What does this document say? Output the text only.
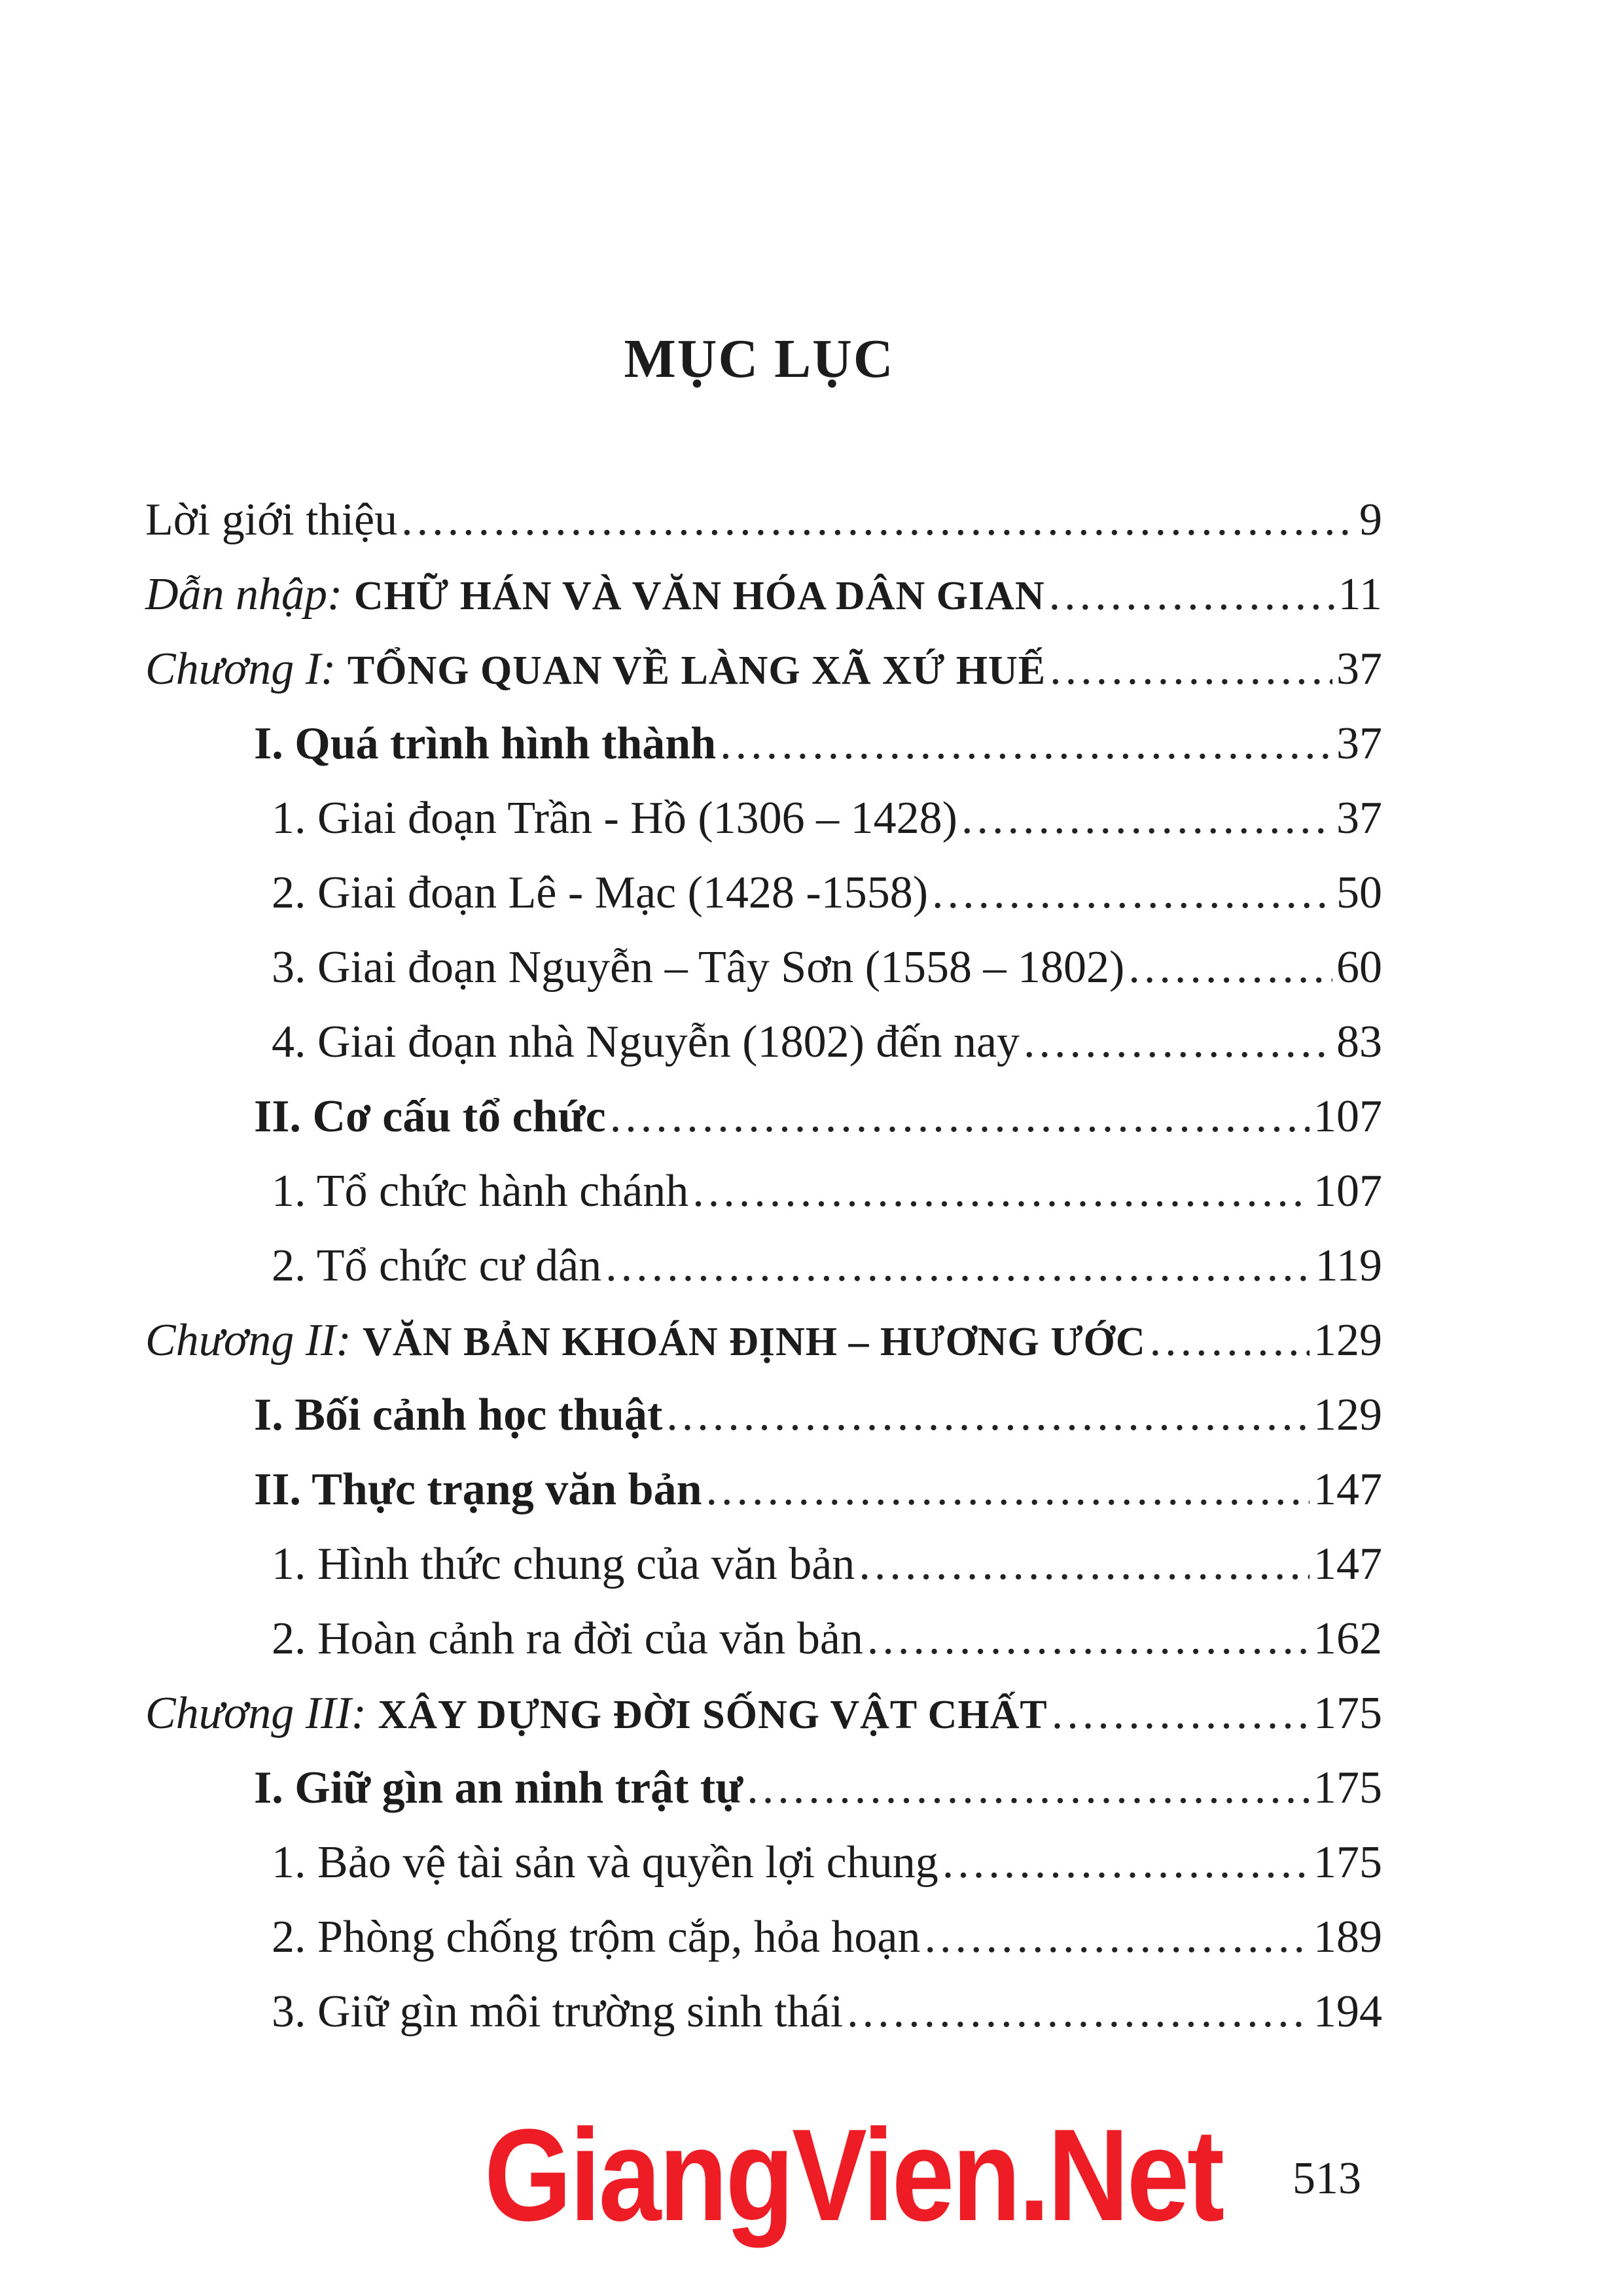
MỤC LỤC
Lời giới thiệu .....	9
Dẫn nhập: CHỮ HÁN VÀ VĂN HÓA DÂN GIAN .....	11
Chương I: TỔNG QUAN VỀ LÀNG XÃ XỨ HUẾ .....	37
I. Quá trình hình thành .....	37
1. Giai đoạn Trần - Hồ (1306 – 1428) .....	37
2. Giai đoạn Lê - Mạc (1428 -1558) .....	50
3. Giai đoạn Nguyễn – Tây Sơn (1558 – 1802) .....	60
4. Giai đoạn nhà Nguyễn (1802) đến nay .....	83
II. Cơ cấu tổ chức .....	107
1. Tổ chức hành chánh .....	107
2. Tổ chức cư dân .....	119
Chương II: VĂN BẢN KHOÁN ĐỊNH – HƯƠNG ƯỚC .....	129
I. Bối cảnh học thuật .....	129
II. Thực trạng văn bản .....	147
1. Hình thức chung của văn bản .....	147
2. Hoàn cảnh ra đời của văn bản .....	162
Chương III: XÂY DỰNG ĐỜI SỐNG VẬT CHẤT .....	175
I. Giữ gìn an ninh trật tự .....	175
1. Bảo vệ tài sản và quyền lợi chung .....	175
2. Phòng chống trộm cắp, hỏa hoạn .....	189
3. Giữ gìn môi trường sinh thái .....	194
GiangVien.Net 513
